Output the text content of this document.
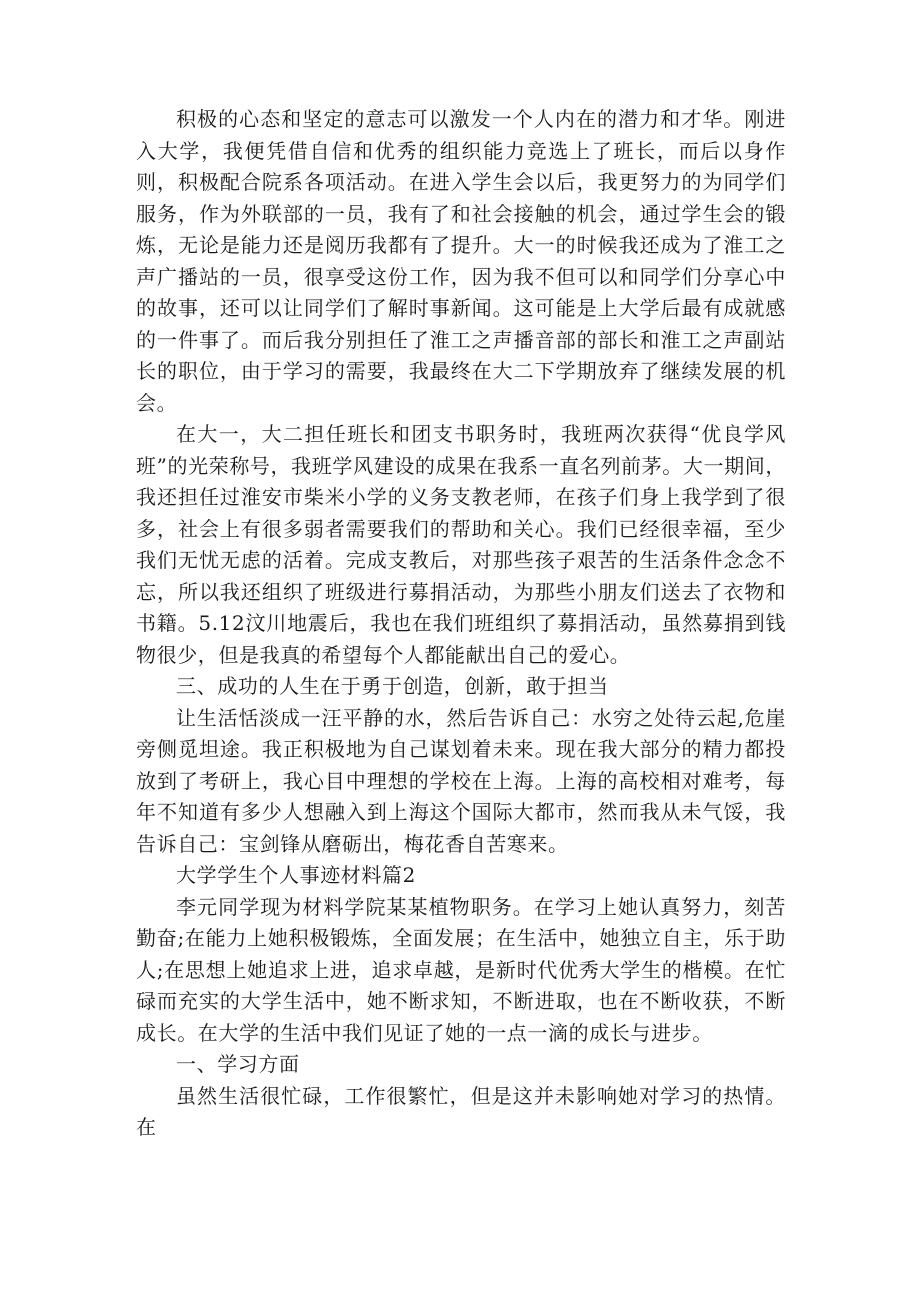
积极的心态和坚定的意志可以激发一个人内在的潜力和才华。刚进入大学，我便凭借自信和优秀的组织能力竞选上了班长，而后以身作则，积极配合院系各项活动。在进入学生会以后，我更努力的为同学们服务，作为外联部的一员，我有了和社会接触的机会，通过学生会的锻炼，无论是能力还是阅历我都有了提升。大一的时候我还成为了淮工之声广播站的一员，很享受这份工作，因为我不但可以和同学们分享心中的故事，还可以让同学们了解时事新闻。这可能是上大学后最有成就感的一件事了。而后我分别担任了淮工之声播音部的部长和淮工之声副站长的职位，由于学习的需要，我最终在大二下学期放弃了继续发展的机会。

在大一，大二担任班长和团支书职务时，我班两次获得“优良学风班”的光荣称号，我班学风建设的成果在我系一直名列前茅。大一期间，我还担任过淮安市柴米小学的义务支教老师，在孩子们身上我学到了很多，社会上有很多弱者需要我们的帮助和关心。我们已经很幸福，至少我们无忧无虑的活着。完成支教后，对那些孩子艰苦的生活条件念念不忘，所以我还组织了班级进行募捐活动，为那些小朋友们送去了衣物和书籍。5.12汶川地震后，我也在我们班组织了募捐活动，虽然募捐到钱物很少，但是我真的希望每个人都能献出自己的爱心。

三、成功的人生在于勇于创造，创新，敢于担当

让生活恬淡成一汪平静的水，然后告诉自己：水穷之处待云起,危崖旁侧觅坦途。我正积极地为自己谋划着未来。现在我大部分的精力都投放到了考研上，我心目中理想的学校在上海。上海的高校相对难考，每年不知道有多少人想融入到上海这个国际大都市，然而我从未气馁，我告诉自己：宝剑锋从磨砺出，梅花香自苦寒来。

大学学生个人事迹材料篇2

李元同学现为材料学院某某植物职务。在学习上她认真努力，刻苦勤奋;在能力上她积极锻炼，全面发展；在生活中，她独立自主，乐于助人;在思想上她追求上进，追求卓越，是新时代优秀大学生的楷模。在忙碌而充实的大学生活中，她不断求知，不断进取，也在不断收获，不断成长。在大学的生活中我们见证了她的一点一滴的成长与进步。

一、学习方面

虽然生活很忙碌，工作很繁忙，但是这并未影响她对学习的热情。在
